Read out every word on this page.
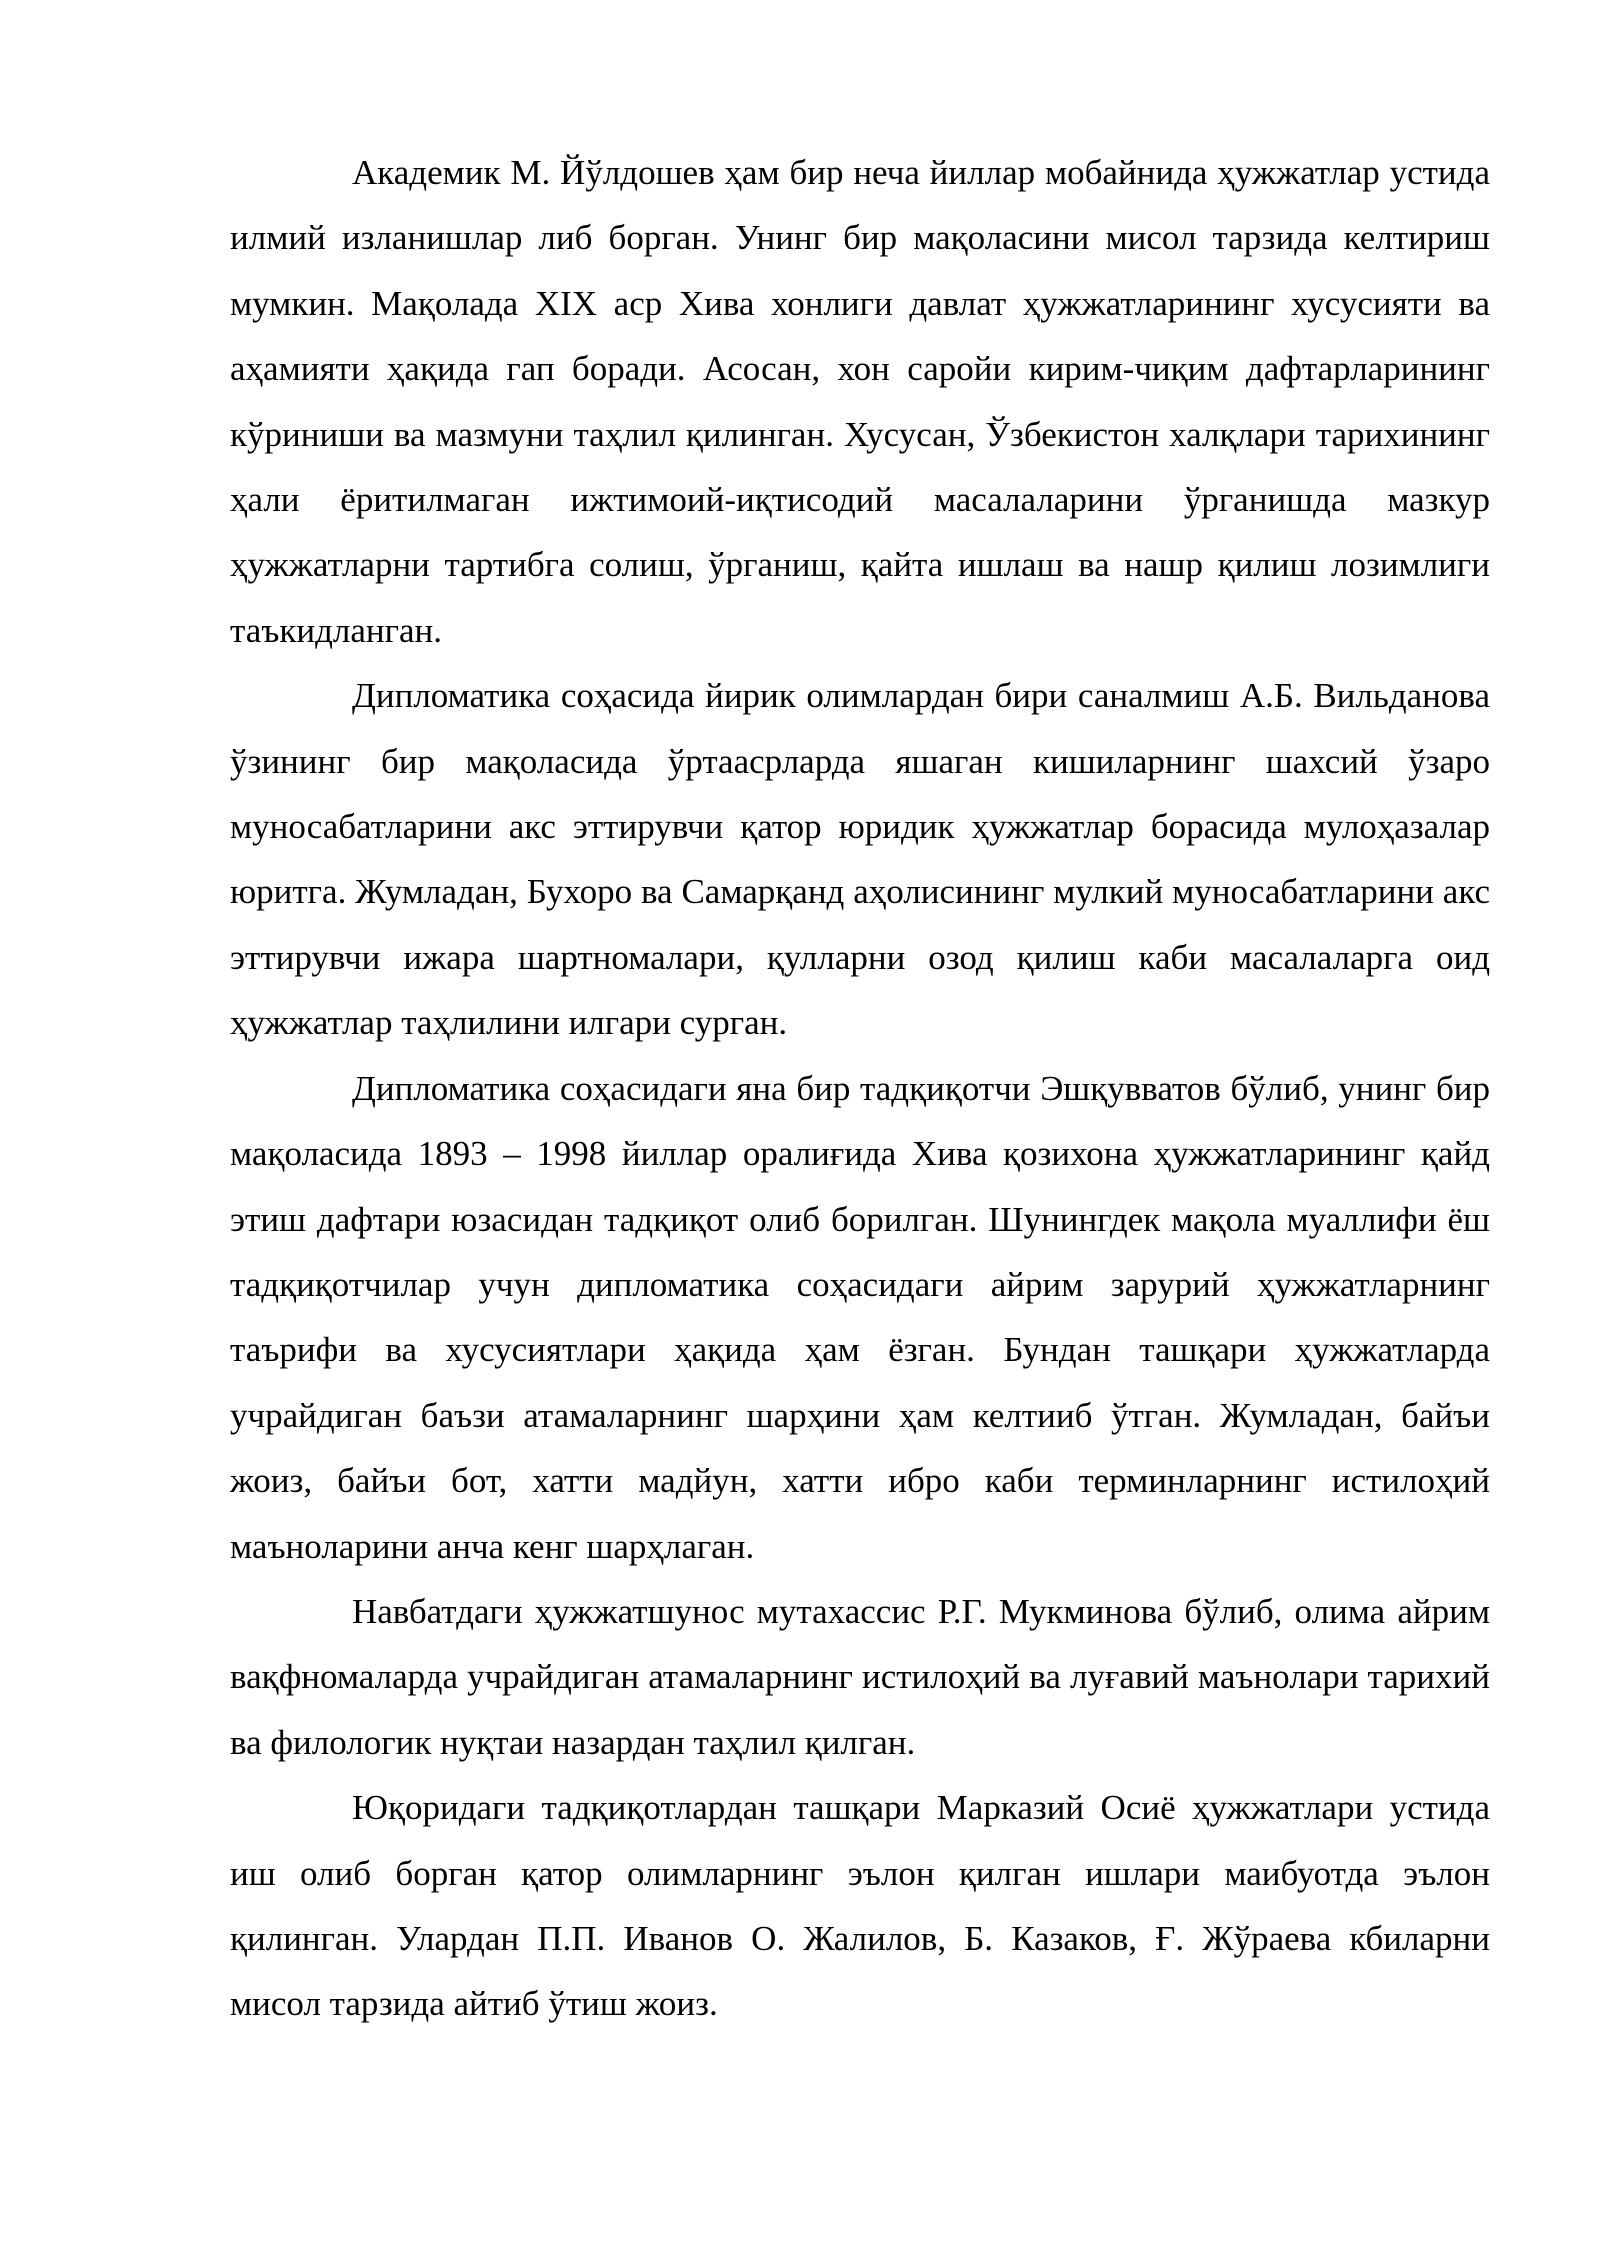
Академик М. Йўлдошев ҳам бир неча йиллар мобайнида ҳужжатлар устида илмий изланишлар либ борган. Унинг бир мақоласини мисол тарзида келтириш мумкин. Мақолада XIX аср Хива хонлиги давлат ҳужжатларининг хусусияти ва аҳамияти ҳақида гап боради. Асосан, хон саройи кирим-чиқим дафтарларининг кўриниши ва мазмуни таҳлил қилинган. Хусусан, Ўзбекистон халқлари тарихининг ҳали ёритилмаган ижтимоий-иқтисодий масалаларини ўрганишда мазкур ҳужжатларни тартибга солиш, ўрганиш, қайта ишлаш ва нашр қилиш лозимлиги таъкидланган.

Дипломатика соҳасида йирик олимлардан бири саналмиш А.Б. Вильданова ўзининг бир мақоласида ўртаасрларда яшаган кишиларнинг шахсий ўзаро муносабатларини акс эттирувчи қатор юридик ҳужжатлар борасида мулоҳазалар юритга. Жумладан, Бухоро ва Самарқанд аҳолисининг мулкий муносабатларини акс эттирувчи ижара шартномалари, қулларни озод қилиш каби масалаларга оид ҳужжатлар таҳлилини илгари сурган.

Дипломатика соҳасидаги яна бир тадқиқотчи Эшқувватов бўлиб, унинг бир мақоласида 1893 – 1998 йиллар оралиғида Хива қозихона ҳужжатларининг қайд этиш дафтари юзасидан тадқиқот олиб борилган. Шунингдек мақола муаллифи ёш тадқиқотчилар учун дипломатика соҳасидаги айрим зарурий ҳужжатларнинг таърифи ва хусусиятлари ҳақида ҳам ёзган. Бундан ташқари ҳужжатларда учрайдиган баъзи атамаларнинг шарҳини ҳам келтииб ўтган. Жумладан, байъи жоиз, байъи бот, хатти мадйун, хатти ибро каби терминларнинг истилоҳий маъноларини анча кенг шарҳлаган.

Навбатдаги ҳужжатшунос мутахассис Р.Г. Мукминова бўлиб, олима айрим вақфномаларда учрайдиган атамаларнинг истилоҳий ва луғавий маънолари тарихий ва филологик нуқтаи назардан таҳлил қилган.

Юқоридаги тадқиқотлардан ташқари Марказий Осиё ҳужжатлари устида иш олиб борган қатор олимларнинг эълон қилган ишлари маибуотда эълон қилинган. Улардан П.П. Иванов О. Жалилов, Б. Казаков, Ғ. Жўраева кбиларни мисол тарзида айтиб ўтиш жоиз.
